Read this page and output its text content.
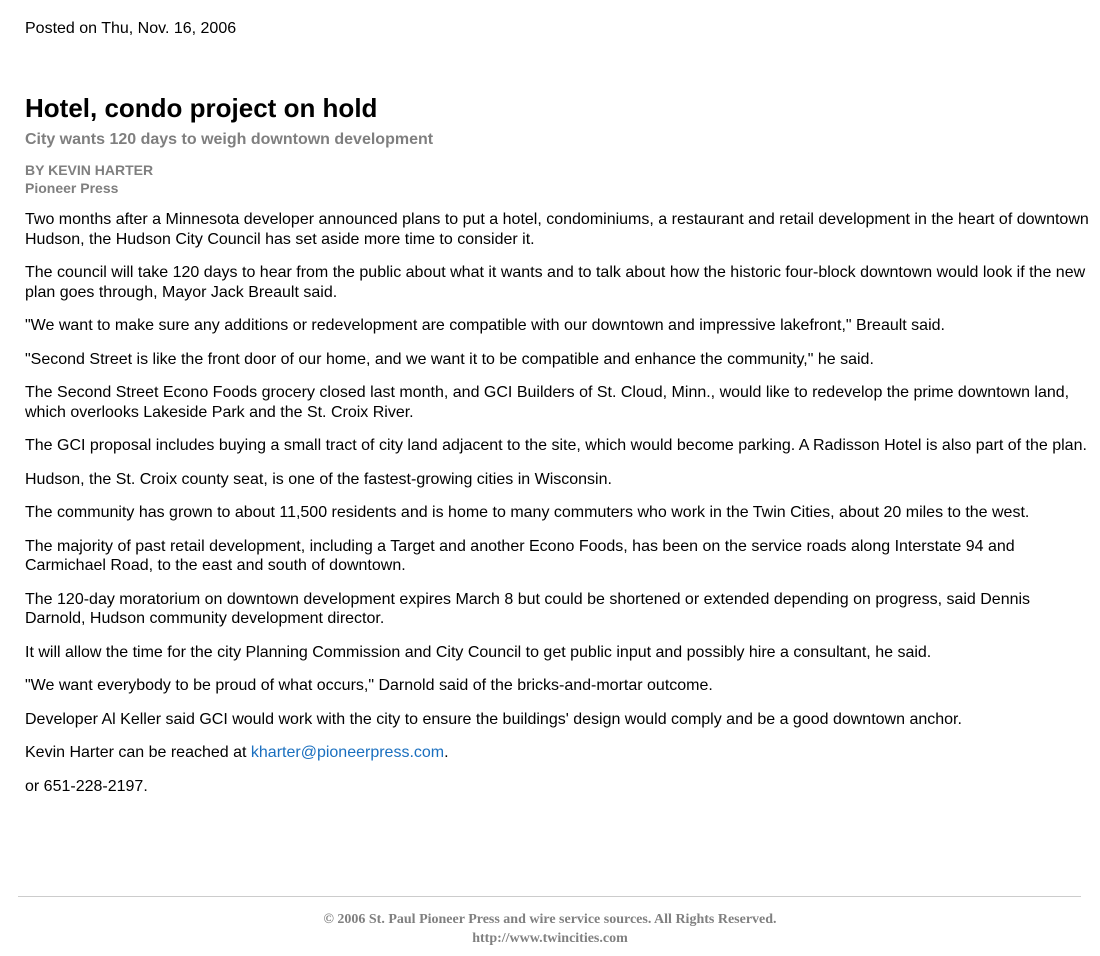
Posted on Thu, Nov. 16, 2006
Hotel, condo project on hold
City wants 120 days to weigh downtown development
BY KEVIN HARTER
Pioneer Press

Two months after a Minnesota developer announced plans to put a hotel, condominiums, a restaurant and retail development in the heart of downtown Hudson, the Hudson City Council has set aside more time to consider it.

The council will take 120 days to hear from the public about what it wants and to talk about how the historic four-block downtown would look if the new plan goes through, Mayor Jack Breault said.

"We want to make sure any additions or redevelopment are compatible with our downtown and impressive lakefront," Breault said.

"Second Street is like the front door of our home, and we want it to be compatible and enhance the community," he said.

The Second Street Econo Foods grocery closed last month, and GCI Builders of St. Cloud, Minn., would like to redevelop the prime downtown land, which overlooks Lakeside Park and the St. Croix River.

The GCI proposal includes buying a small tract of city land adjacent to the site, which would become parking. A Radisson Hotel is also part of the plan.

Hudson, the St. Croix county seat, is one of the fastest-growing cities in Wisconsin.

The community has grown to about 11,500 residents and is home to many commuters who work in the Twin Cities, about 20 miles to the west.

The majority of past retail development, including a Target and another Econo Foods, has been on the service roads along Interstate 94 and Carmichael Road, to the east and south of downtown.

The 120-day moratorium on downtown development expires March 8 but could be shortened or extended depending on progress, said Dennis Darnold, Hudson community development director.

It will allow the time for the city Planning Commission and City Council to get public input and possibly hire a consultant, he said.

"We want everybody to be proud of what occurs," Darnold said of the bricks-and-mortar outcome.

Developer Al Keller said GCI would work with the city to ensure the buildings' design would comply and be a good downtown anchor.

Kevin Harter can be reached at kharter@pioneerpress.com.

or 651-228-2197.

© 2006 St. Paul Pioneer Press and wire service sources. All Rights Reserved.
http://www.twincities.com
